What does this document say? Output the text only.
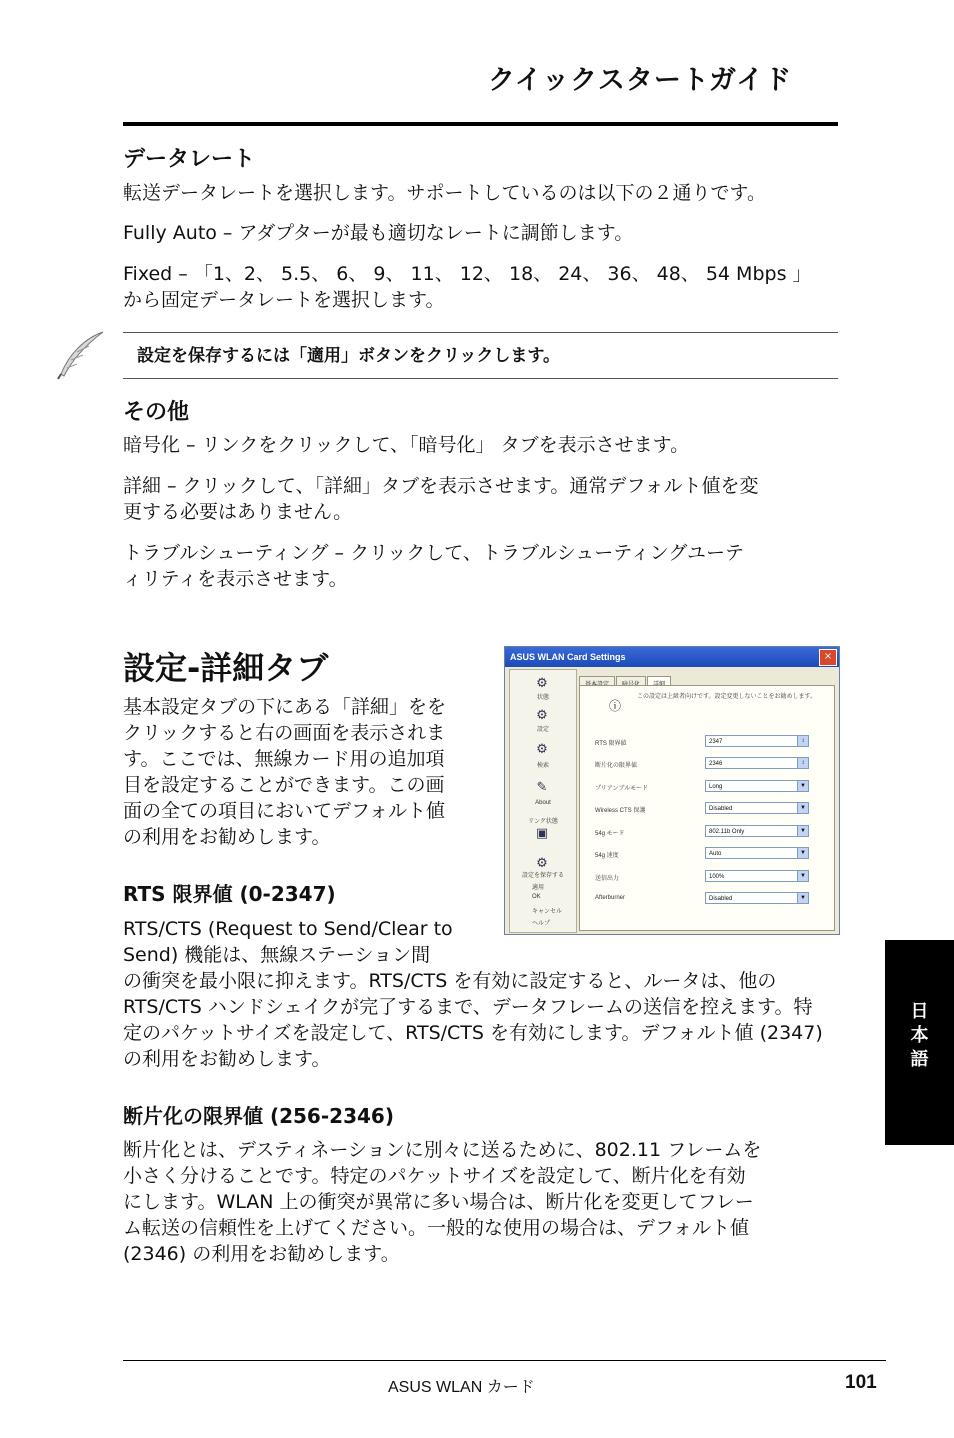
クイックスタートガイド
データレート

転送データレートを選択します。サポートしているのは以下の２通りです。

Fully Auto – アダプターが最も適切なレートに調節します。

Fixed – 「1、2、 5.5、 6、 9、 11、 12、 18、 24、 36、 48、 54 Mbps 」

から固定データレートを選択します。

設定を保存するには「適用」ボタンをクリックします。
その他

暗号化 – リンクをクリックして、「暗号化」 タブを表示させます。

詳細 – クリックして、「詳細」タブを表示させます。通常デフォルト値を変

更する必要はありません。

トラブルシューティング – クリックして、トラブルシューティングユーテ

ィリティを表示させます。

設定-詳細タブ

基本設定タブの下にある「詳細」をを

クリックすると右の画面を表示されま

す。ここでは、無線カード用の追加項

目を設定することができます。この画

面の全ての項目においてデフォルト値

の利用をお勧めします。

RTS 限界値 (0-2347)

RTS/CTS (Request to Send/Clear to

Send) 機能は、無線ステーション間

の衝突を最小限に抑えます。RTS/CTS を有効に設定すると、ルータは、他の

RTS/CTS ハンドシェイクが完了するまで、データフレームの送信を控えます。特

定のパケットサイズを設定して、RTS/CTS を有効にします。デフォルト値 (2347)

の利用をお勧めします。

断片化の限界値 (256-2346)

断片化とは、デスティネーションに別々に送るために、802.11 フレームを

小さく分けることです。特定のパケットサイズを設定して、断片化を有効

にします。WLAN 上の衝突が異常に多い場合は、断片化を変更してフレー

ム転送の信頼性を上げてください。一般的な使用の場合は、デフォルト値

(2346) の利用をお勧めします。

ASUS WLAN Card Settings	×
⚙
状態
⚙
設定
⚙
検索
✎
About
リンク状態
▣
⚙
設定を保存する
適用
OK
キャンセル
ヘルプ
ⓘ
この設定は上級者向けです。設定変更しないことをお勧めします。
RTS 限界値	2347	↕
断片化の限界値	2346	↕
プリアンブルモード	Long	▼
Wireless CTS 保護	Disabled	▼
54g モード	802.11b Only	▼
54g 速度	Auto	▼
送信出力	100%	▼
Afterburner	Disabled	▼
日
本
語
ASUS WLAN カード	101
